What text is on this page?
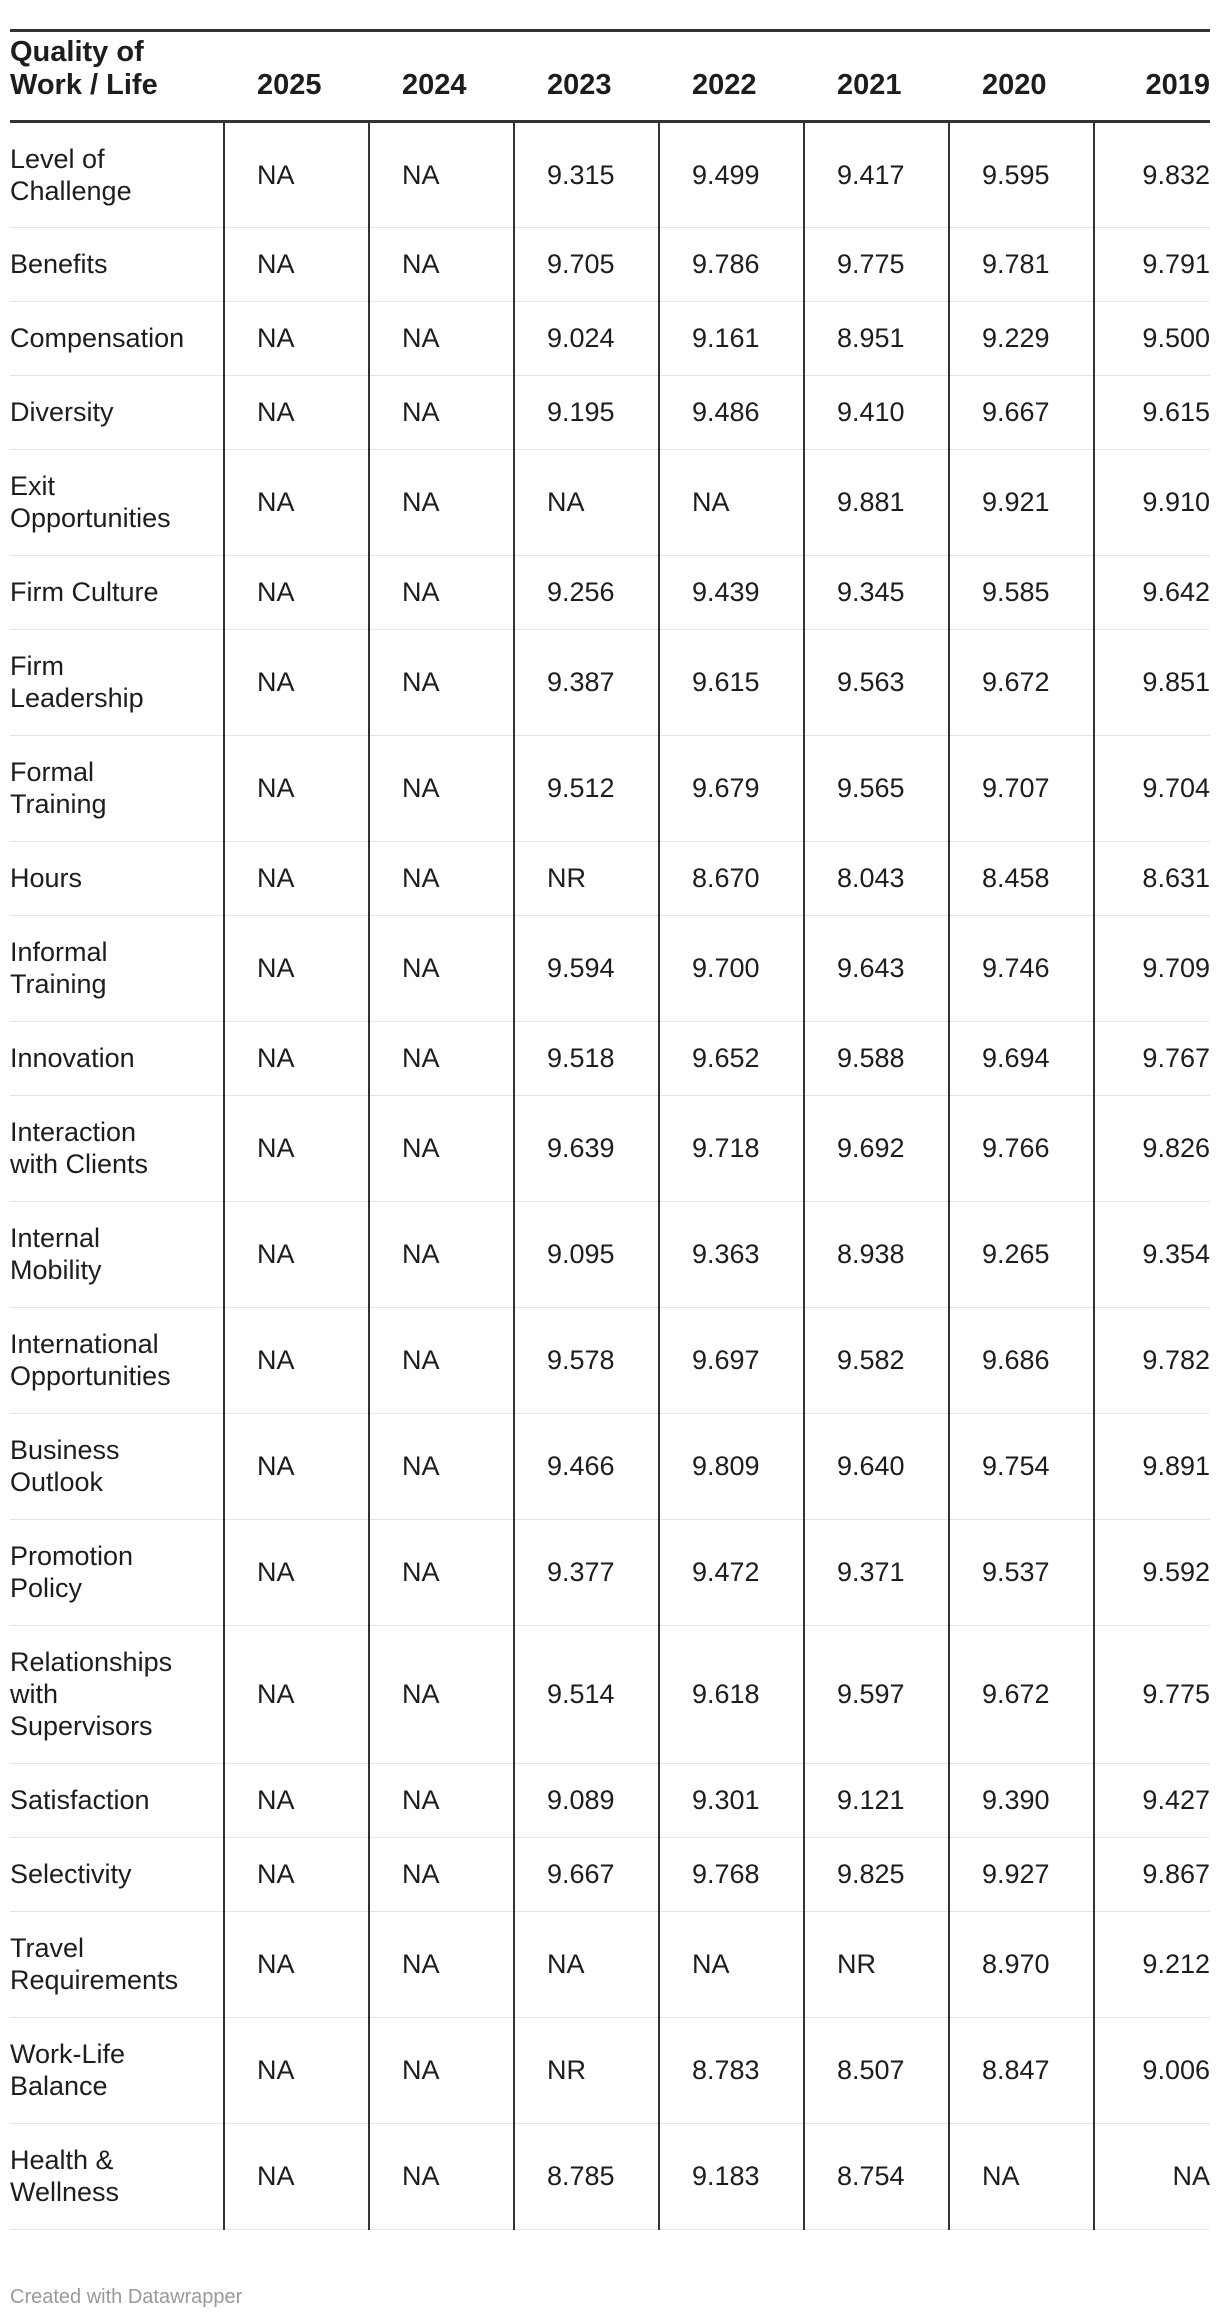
Quality of
Work / Life	2025	2024	2023	2022	2021	2020	2019
Level of
Challenge	NA	NA	9.315	9.499	9.417	9.595	9.832
Benefits	NA	NA	9.705	9.786	9.775	9.781	9.791
Compensation	NA	NA	9.024	9.161	8.951	9.229	9.500
Diversity	NA	NA	9.195	9.486	9.410	9.667	9.615
Exit
Opportunities	NA	NA	NA	NA	9.881	9.921	9.910
Firm Culture	NA	NA	9.256	9.439	9.345	9.585	9.642
Firm
Leadership	NA	NA	9.387	9.615	9.563	9.672	9.851
Formal
Training	NA	NA	9.512	9.679	9.565	9.707	9.704
Hours	NA	NA	NR	8.670	8.043	8.458	8.631
Informal
Training	NA	NA	9.594	9.700	9.643	9.746	9.709
Innovation	NA	NA	9.518	9.652	9.588	9.694	9.767
Interaction
with Clients	NA	NA	9.639	9.718	9.692	9.766	9.826
Internal
Mobility	NA	NA	9.095	9.363	8.938	9.265	9.354
International
Opportunities	NA	NA	9.578	9.697	9.582	9.686	9.782
Business
Outlook	NA	NA	9.466	9.809	9.640	9.754	9.891
Promotion
Policy	NA	NA	9.377	9.472	9.371	9.537	9.592
Relationships
with
Supervisors	NA	NA	9.514	9.618	9.597	9.672	9.775
Satisfaction	NA	NA	9.089	9.301	9.121	9.390	9.427
Selectivity	NA	NA	9.667	9.768	9.825	9.927	9.867
Travel
Requirements	NA	NA	NA	NA	NR	8.970	9.212
Work-Life
Balance	NA	NA	NR	8.783	8.507	8.847	9.006
Health &
Wellness	NA	NA	8.785	9.183	8.754	NA	NA
Created with Datawrapper
